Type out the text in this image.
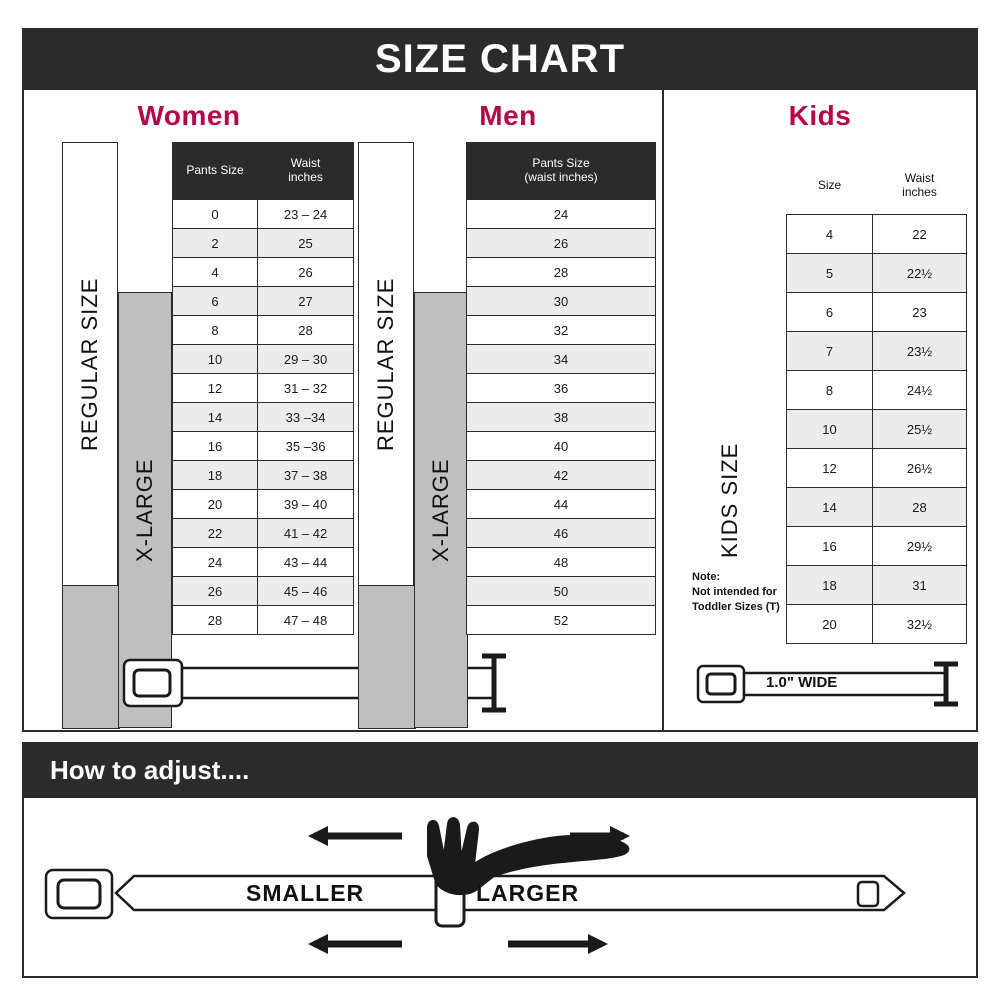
SIZE CHART
Women
REGULAR SIZE
X-LARGE
Pants Size	Waist
inches
0	23 – 24
2	25
4	26
6	27
8	28
10	29 – 30
12	31 – 32
14	33 –34
16	35 –36
18	37 – 38
20	39 – 40
22	41 – 42
24	43 – 44
26	45 – 46
28	47 – 48
Men
REGULAR SIZE
X-LARGE
Pants Size
(waist inches)
24
26
28
30
32
34
36
38
40
42
44
46
48
50
52
Kids
KIDS SIZE
Note:
Not intended for
Toddler Sizes (T)
Size	Waist
inches
4	22
5	22½
6	23
7	23½
8	24½
10	25½
12	26½
14	28
16	29½
18	31
20	32½
1.0" WIDE
How to adjust....
SMALLER	LARGER
